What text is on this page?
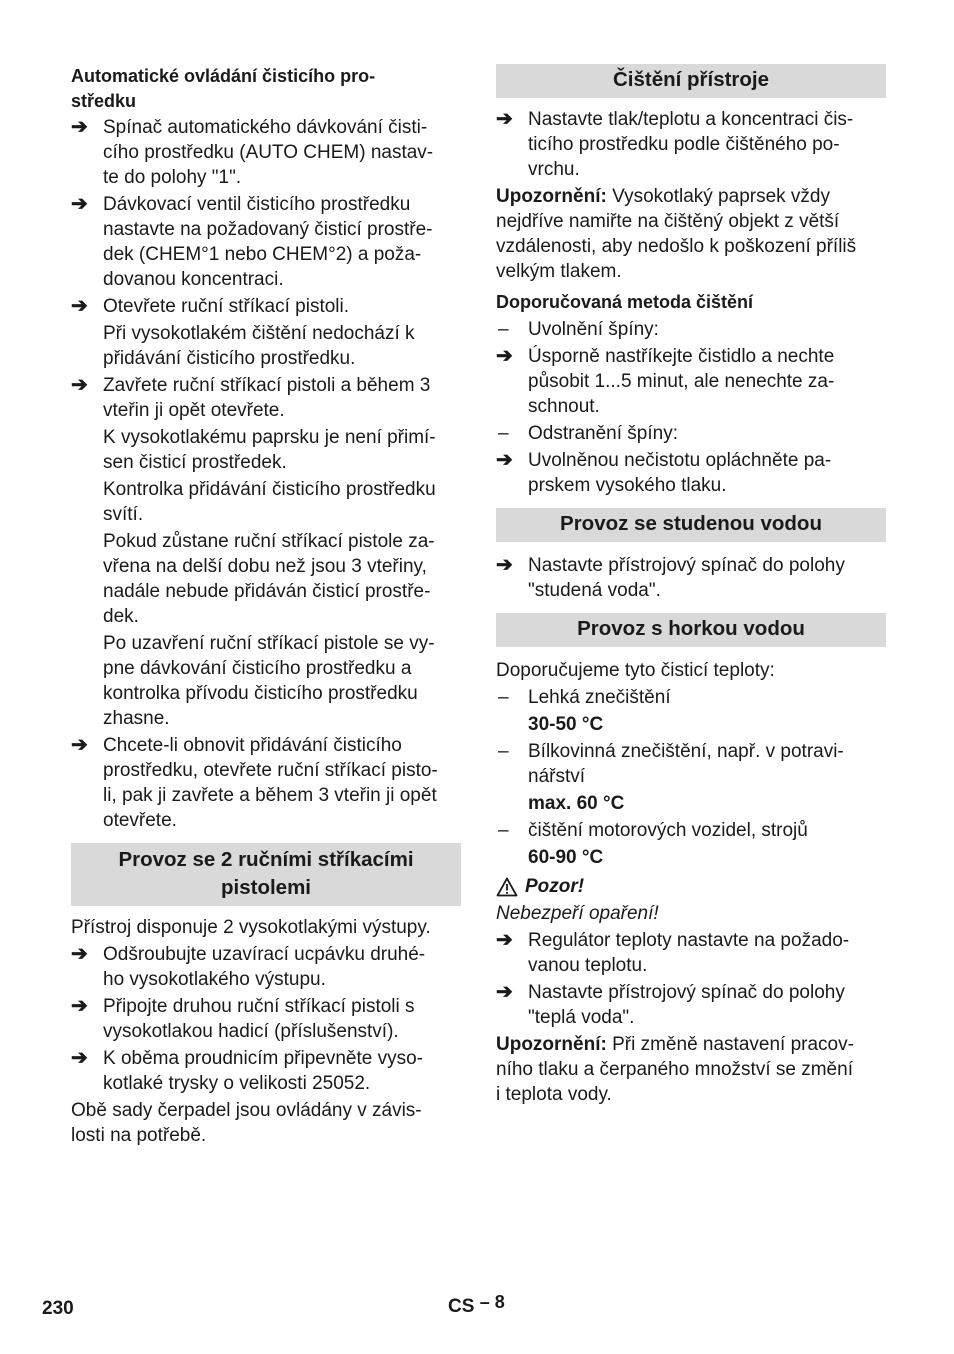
Automatické ovládání čisticího pro-
středku

➔ Spínač automatického dávkování čisti-
cího prostředku (AUTO CHEM) nastav-
te do polohy "1".

➔ Dávkovací ventil čisticího prostředku
nastavte na požadovaný čisticí prostře-
dek (CHEM°1 nebo CHEM°2) a poža-
dovanou koncentraci.

➔ Otevřete ruční stříkací pistoli.

Při vysokotlakém čištění nedochází k
přidávání čisticího prostředku.

➔ Zavřete ruční stříkací pistoli a během 3
vteřin ji opět otevřete.

K vysokotlakému paprsku je není přimí-
sen čisticí prostředek.

Kontrolka přidávání čisticího prostředku
svítí.

Pokud zůstane ruční stříkací pistole za-
vřena na delší dobu než jsou 3 vteřiny,
nadále nebude přidáván čisticí prostře-
dek.

Po uzavření ruční stříkací pistole se vy-
pne dávkování čisticího prostředku a
kontrolka přívodu čisticího prostředku
zhasne.

➔ Chcete-li obnovit přidávání čisticího
prostředku, otevřete ruční stříkací pisto-
li, pak ji zavřete a během 3 vteřin ji opět
otevřete.

Provoz se 2 ručními stříkacími
pistolemi

Přístroj disponuje 2 vysokotlakými výstupy.

➔ Odšroubujte uzavírací ucpávku druhé-
ho vysokotlakého výstupu.

➔ Připojte druhou ruční stříkací pistoli s
vysokotlakou hadicí (příslušenství).

➔ K oběma proudnicím připevněte vyso-
kotlaké trysky o velikosti 25052.

Obě sady čerpadel jsou ovládány v závis-
losti na potřebě.

Čištění přístroje
➔ Nastavte tlak/teplotu a koncentraci čis-
ticího prostředku podle čištěného po-
vrchu.

Upozornění: Vysokotlaký paprsek vždy
nejdříve namiřte na čištěný objekt z větší
vzdálenosti, aby nedošlo k poškození příliš
velkým tlakem.

Doporučovaná metoda čištění

–	Uvolnění špíny:

➔ Úsporně nastříkejte čistidlo a nechte
působit 1...5 minut, ale nenechte za-
schnout.

–	Odstranění špíny:

➔ Uvolněnou nečistotu opláchněte pa-
prskem vysokého tlaku.

Provoz se studenou vodou
➔ Nastavte přístrojový spínač do polohy
"studená voda".

Provoz s horkou vodou

Doporučujeme tyto čisticí teploty:

–	Lehká znečištění

30-50 °C

–	Bílkovinná znečištění, např. v potravi-
nářství

max. 60 °C

–	čištění motorových vozidel, strojů

60-90 °C

Pozor!

Nebezpeří opaření!

➔ Regulátor teploty nastavte na požado-
vanou teplotu.

➔ Nastavte přístrojový spínač do polohy
"teplá voda".

Upozornění: Při změně nastavení pracov-
ního tlaku a čerpaného množství se změní
i teplota vody.

230	CS – 8
